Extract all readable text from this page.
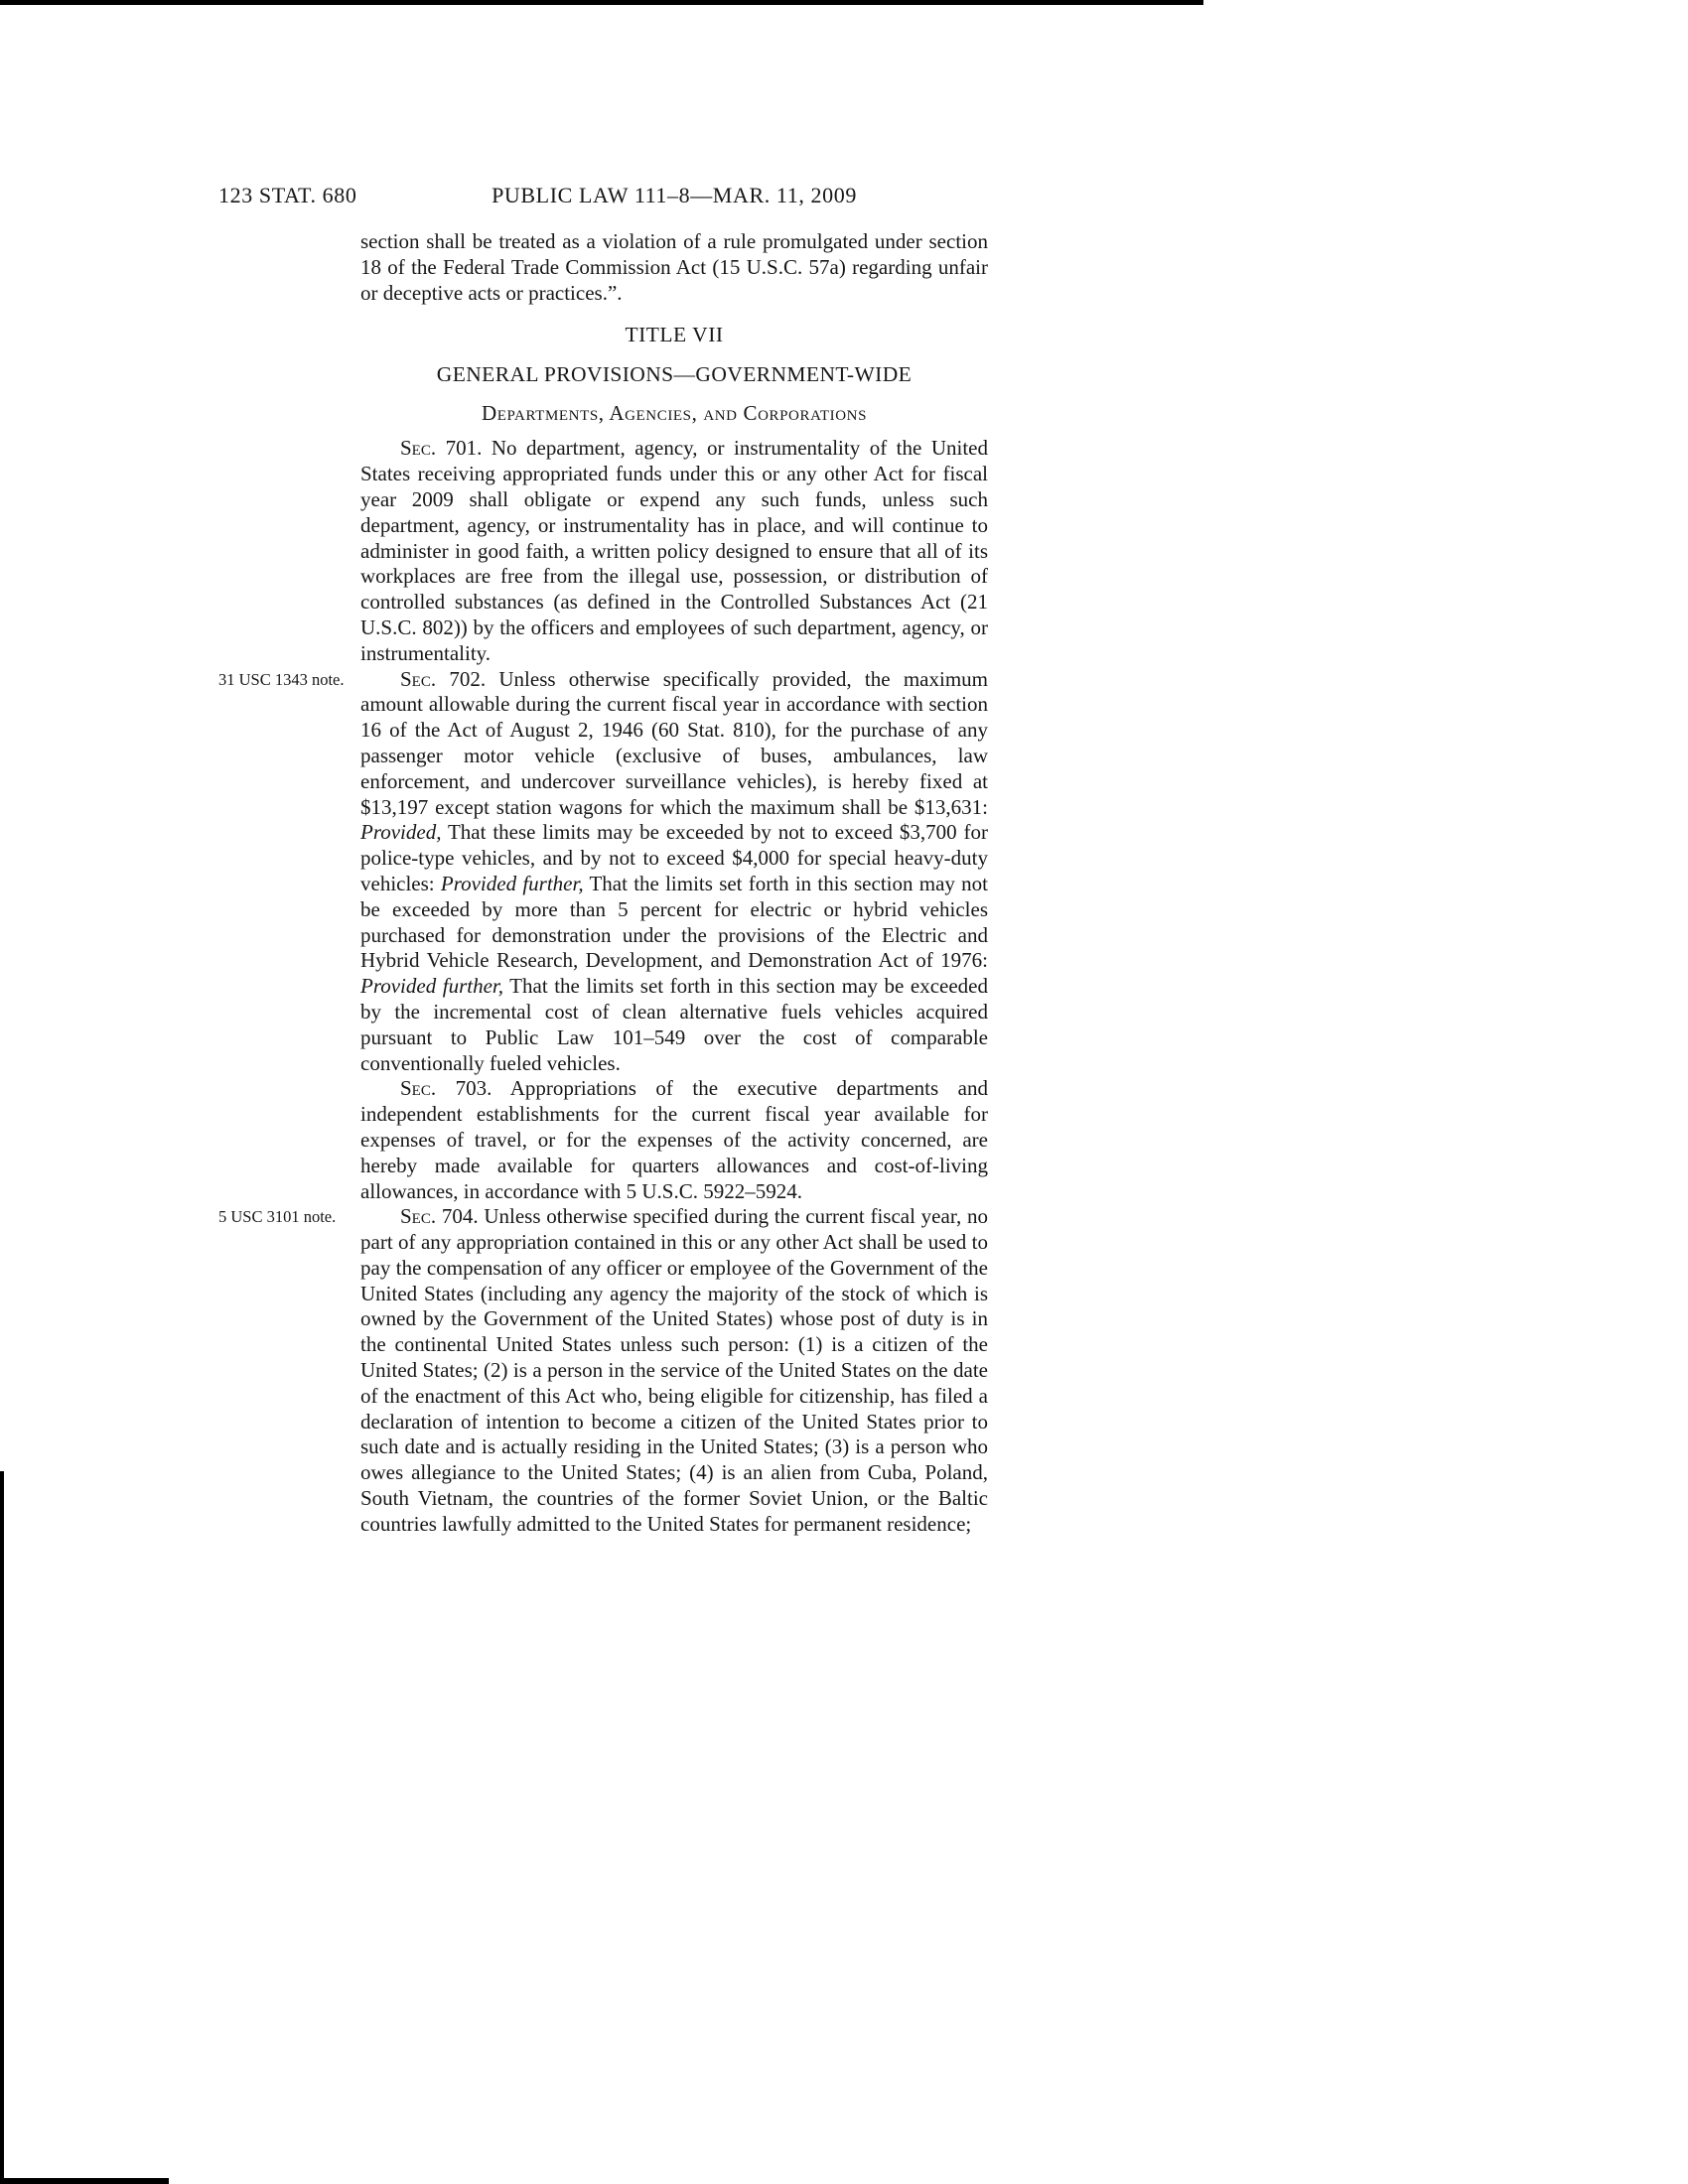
123 STAT. 680	PUBLIC LAW 111–8—MAR. 11, 2009

section shall be treated as a violation of a rule promulgated under section 18 of the Federal Trade Commission Act (15 U.S.C. 57a) regarding unfair or deceptive acts or practices.”.

TITLE VII
GENERAL PROVISIONS—GOVERNMENT-WIDE
Departments, Agencies, and Corporations

Sec. 701. No department, agency, or instrumentality of the United States receiving appropriated funds under this or any other Act for fiscal year 2009 shall obligate or expend any such funds, unless such department, agency, or instrumentality has in place, and will continue to administer in good faith, a written policy designed to ensure that all of its workplaces are free from the illegal use, possession, or distribution of controlled substances (as defined in the Controlled Substances Act (21 U.S.C. 802)) by the officers and employees of such department, agency, or instrumentality.

31 USC 1343 note.	Sec. 702. Unless otherwise specifically provided, the maximum amount allowable during the current fiscal year in accordance with section 16 of the Act of August 2, 1946 (60 Stat. 810), for the purchase of any passenger motor vehicle (exclusive of buses, ambulances, law enforcement, and undercover surveillance vehicles), is hereby fixed at $13,197 except station wagons for which the maximum shall be $13,631: Provided, That these limits may be exceeded by not to exceed $3,700 for police-type vehicles, and by not to exceed $4,000 for special heavy-duty vehicles: Provided further, That the limits set forth in this section may not be exceeded by more than 5 percent for electric or hybrid vehicles purchased for demonstration under the provisions of the Electric and Hybrid Vehicle Research, Development, and Demonstration Act of 1976: Provided further, That the limits set forth in this section may be exceeded by the incremental cost of clean alternative fuels vehicles acquired pursuant to Public Law 101–549 over the cost of comparable conventionally fueled vehicles.

Sec. 703. Appropriations of the executive departments and independent establishments for the current fiscal year available for expenses of travel, or for the expenses of the activity concerned, are hereby made available for quarters allowances and cost-of-living allowances, in accordance with 5 U.S.C. 5922–5924.

5 USC 3101 note.	Sec. 704. Unless otherwise specified during the current fiscal year, no part of any appropriation contained in this or any other Act shall be used to pay the compensation of any officer or employee of the Government of the United States (including any agency the majority of the stock of which is owned by the Government of the United States) whose post of duty is in the continental United States unless such person: (1) is a citizen of the United States; (2) is a person in the service of the United States on the date of the enactment of this Act who, being eligible for citizenship, has filed a declaration of intention to become a citizen of the United States prior to such date and is actually residing in the United States; (3) is a person who owes allegiance to the United States; (4) is an alien from Cuba, Poland, South Vietnam, the countries of the former Soviet Union, or the Baltic countries lawfully admitted to the United States for permanent residence;
